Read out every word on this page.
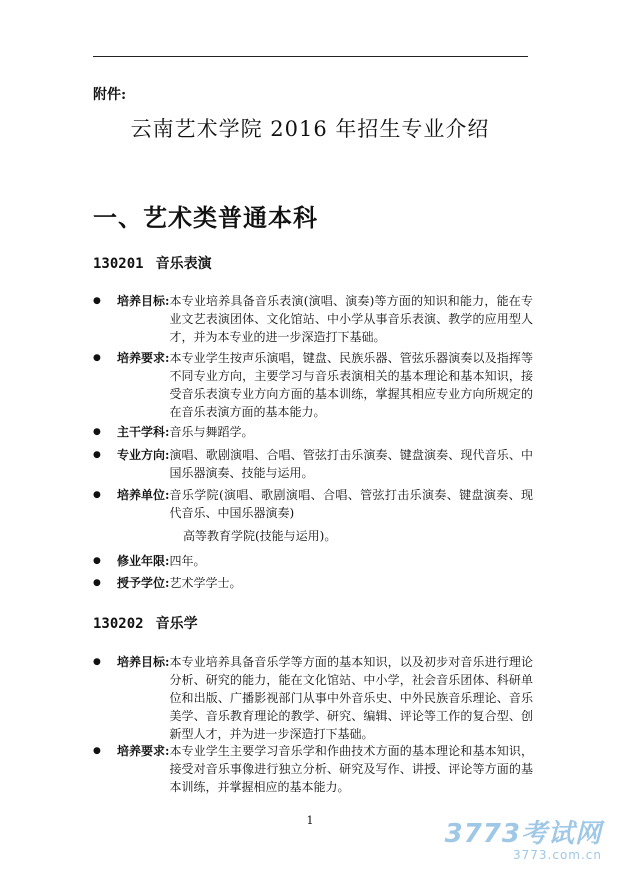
附件:
云南艺术学院 2016 年招生专业介绍
一、艺术类普通本科
130201 音乐表演
●	培养目标: 本专业培养具备音乐表演(演唱、演奏)等方面的知识和能力，能在专业文艺表演团体、文化馆站、中小学从事音乐表演、教学的应用型人才，并为本专业的进一步深造打下基础。
●	培养要求: 本专业学生按声乐演唱，键盘、民族乐器、管弦乐器演奏以及指挥等不同专业方向，主要学习与音乐表演相关的基本理论和基本知识，接受音乐表演专业方向方面的基本训练，掌握其相应专业方向所规定的在音乐表演方面的基本能力。
●	主干学科: 音乐与舞蹈学。
●	专业方向: 演唱、歌剧演唱、合唱、管弦打击乐演奏、键盘演奏、现代音乐、中国乐器演奏、技能与运用。
●	培养单位: 音乐学院(演唱、歌剧演唱、合唱、管弦打击乐演奏、键盘演奏、现代音乐、中国乐器演奏)
高等教育学院(技能与运用)。
●	修业年限: 四年。
●	授予学位: 艺术学学士。
130202 音乐学
●	培养目标: 本专业培养具备音乐学等方面的基本知识，以及初步对音乐进行理论分析、研究的能力，能在文化馆站、中小学，社会音乐团体、科研单位和出版、广播影视部门从事中外音乐史、中外民族音乐理论、音乐美学、音乐教育理论的教学、研究、编辑、评论等工作的复合型、创新型人才，并为进一步深造打下基础。
●	培养要求: 本专业学生主要学习音乐学和作曲技术方面的基本理论和基本知识，接受对音乐事像进行独立分析、研究及写作、讲授、评论等方面的基本训练，并掌握相应的基本能力。
1	3773考试网
3773.com.cn
